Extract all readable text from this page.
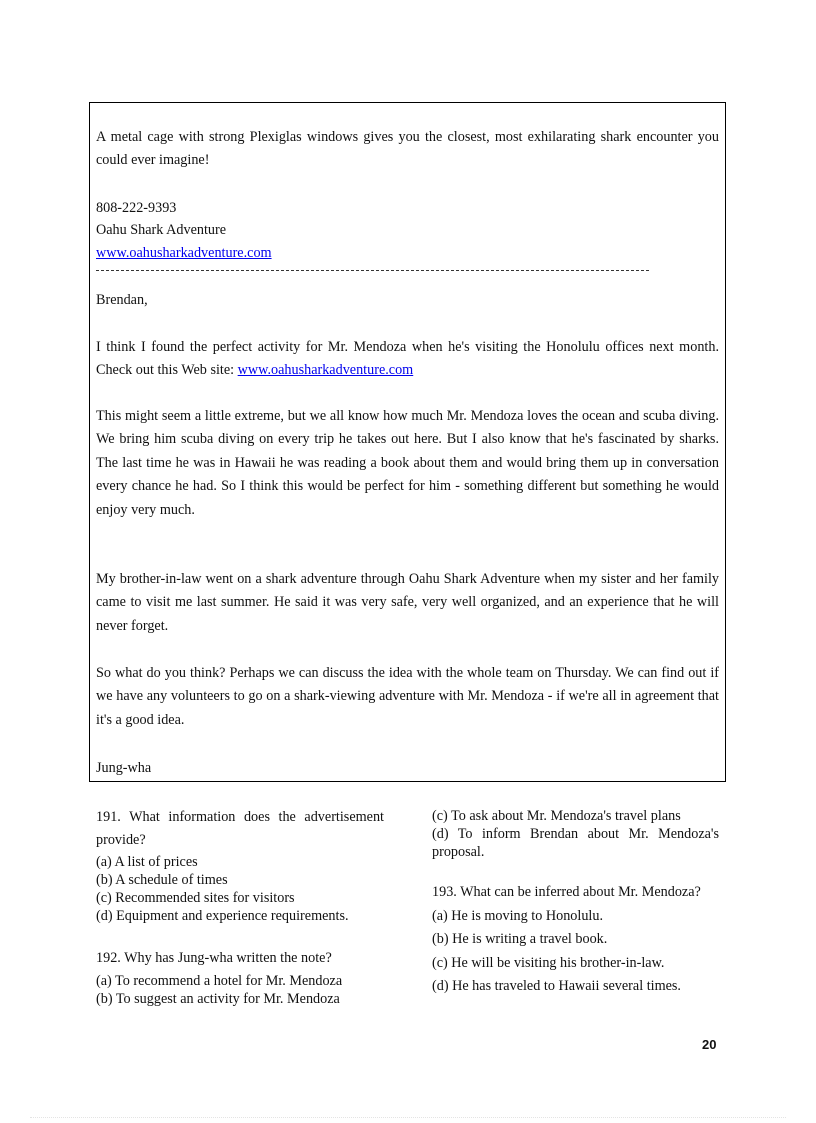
A metal cage with strong Plexiglas windows gives you the closest, most exhilarating shark encounter you could ever imagine!

808-222-9393
Oahu Shark Adventure
www.oahusharkadventure.com
Brendan,

I think I found the perfect activity for Mr. Mendoza when he's visiting the Honolulu offices next month. Check out this Web site: www.oahusharkadventure.com

This might seem a little extreme, but we all know how much Mr. Mendoza loves the ocean and scuba diving. We bring him scuba diving on every trip he takes out here. But I also know that he's fascinated by sharks. The last time he was in Hawaii he was reading a book about them and would bring them up in conversation every chance he had. So I think this would be perfect for him - something different but something he would enjoy very much.

My brother-in-law went on a shark adventure through Oahu Shark Adventure when my sister and her family came to visit me last summer. He said it was very safe, very well organized, and an experience that he will never forget.

So what do you think? Perhaps we can discuss the idea with the whole team on Thursday. We can find out if we have any volunteers to go on a shark-viewing adventure with Mr. Mendoza - if we're all in agreement that it's a good idea.

Jung-wha

191. What information does the advertisement provide?

(a) A list of prices
(b) A schedule of times
(c) Recommended sites for visitors
(d) Equipment and experience requirements.
192. Why has Jung-wha written the note?
(a) To recommend a hotel for Mr. Mendoza
(b) To suggest an activity for Mr. Mendoza
(c) To ask about Mr. Mendoza's travel plans
(d) To inform Brendan about Mr. Mendoza's proposal.
193. What can be inferred about Mr. Mendoza?
(a) He is moving to Honolulu.
(b) He is writing a travel book.
(c) He will be visiting his brother-in-law.
(d) He has traveled to Hawaii several times.
20
